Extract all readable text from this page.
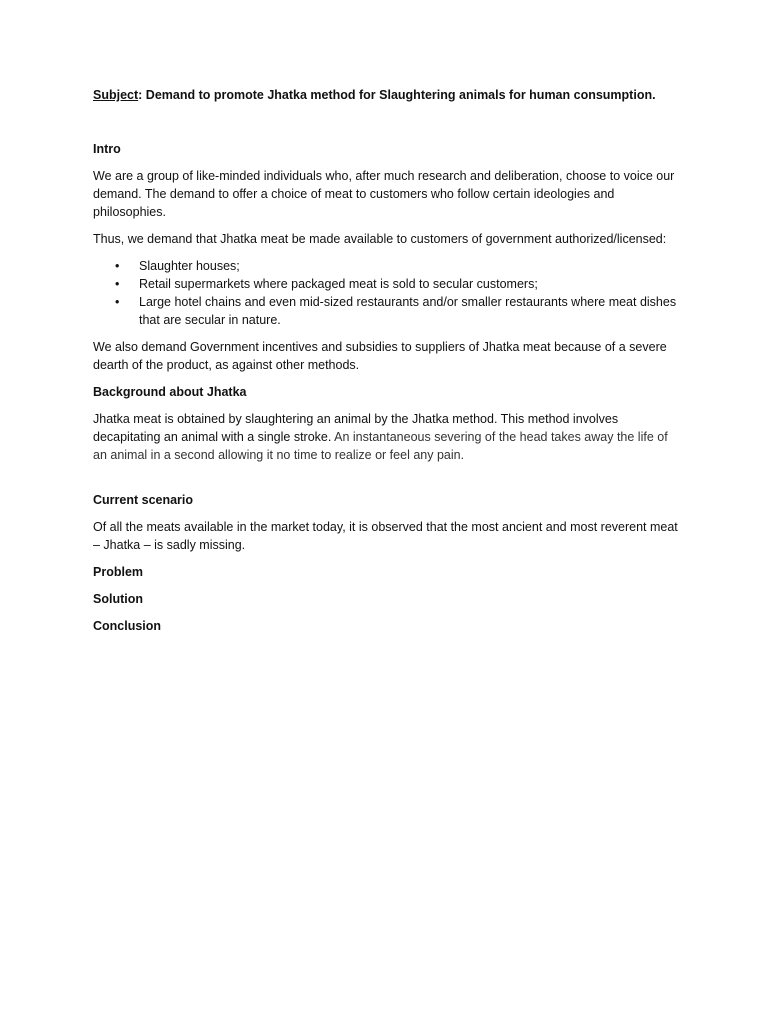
Subject: Demand to promote Jhatka method for Slaughtering animals for human consumption.

Intro

We are a group of like-minded individuals who, after much research and deliberation, choose to voice our demand. The demand to offer a choice of meat to customers who follow certain ideologies and philosophies.

Thus, we demand that Jhatka meat be made available to customers of government authorized/licensed:

• Slaughter houses;
• Retail supermarkets where packaged meat is sold to secular customers;
• Large hotel chains and even mid-sized restaurants and/or smaller restaurants where meat dishes that are secular in nature.

We also demand Government incentives and subsidies to suppliers of Jhatka meat because of a severe dearth of the product, as against other methods.

Background about Jhatka

Jhatka meat is obtained by slaughtering an animal by the Jhatka method. This method involves decapitating an animal with a single stroke. An instantaneous severing of the head takes away the life of an animal in a second allowing it no time to realize or feel any pain.

Current scenario

Of all the meats available in the market today, it is observed that the most ancient and most reverent meat – Jhatka – is sadly missing.

Problem

Solution

Conclusion
